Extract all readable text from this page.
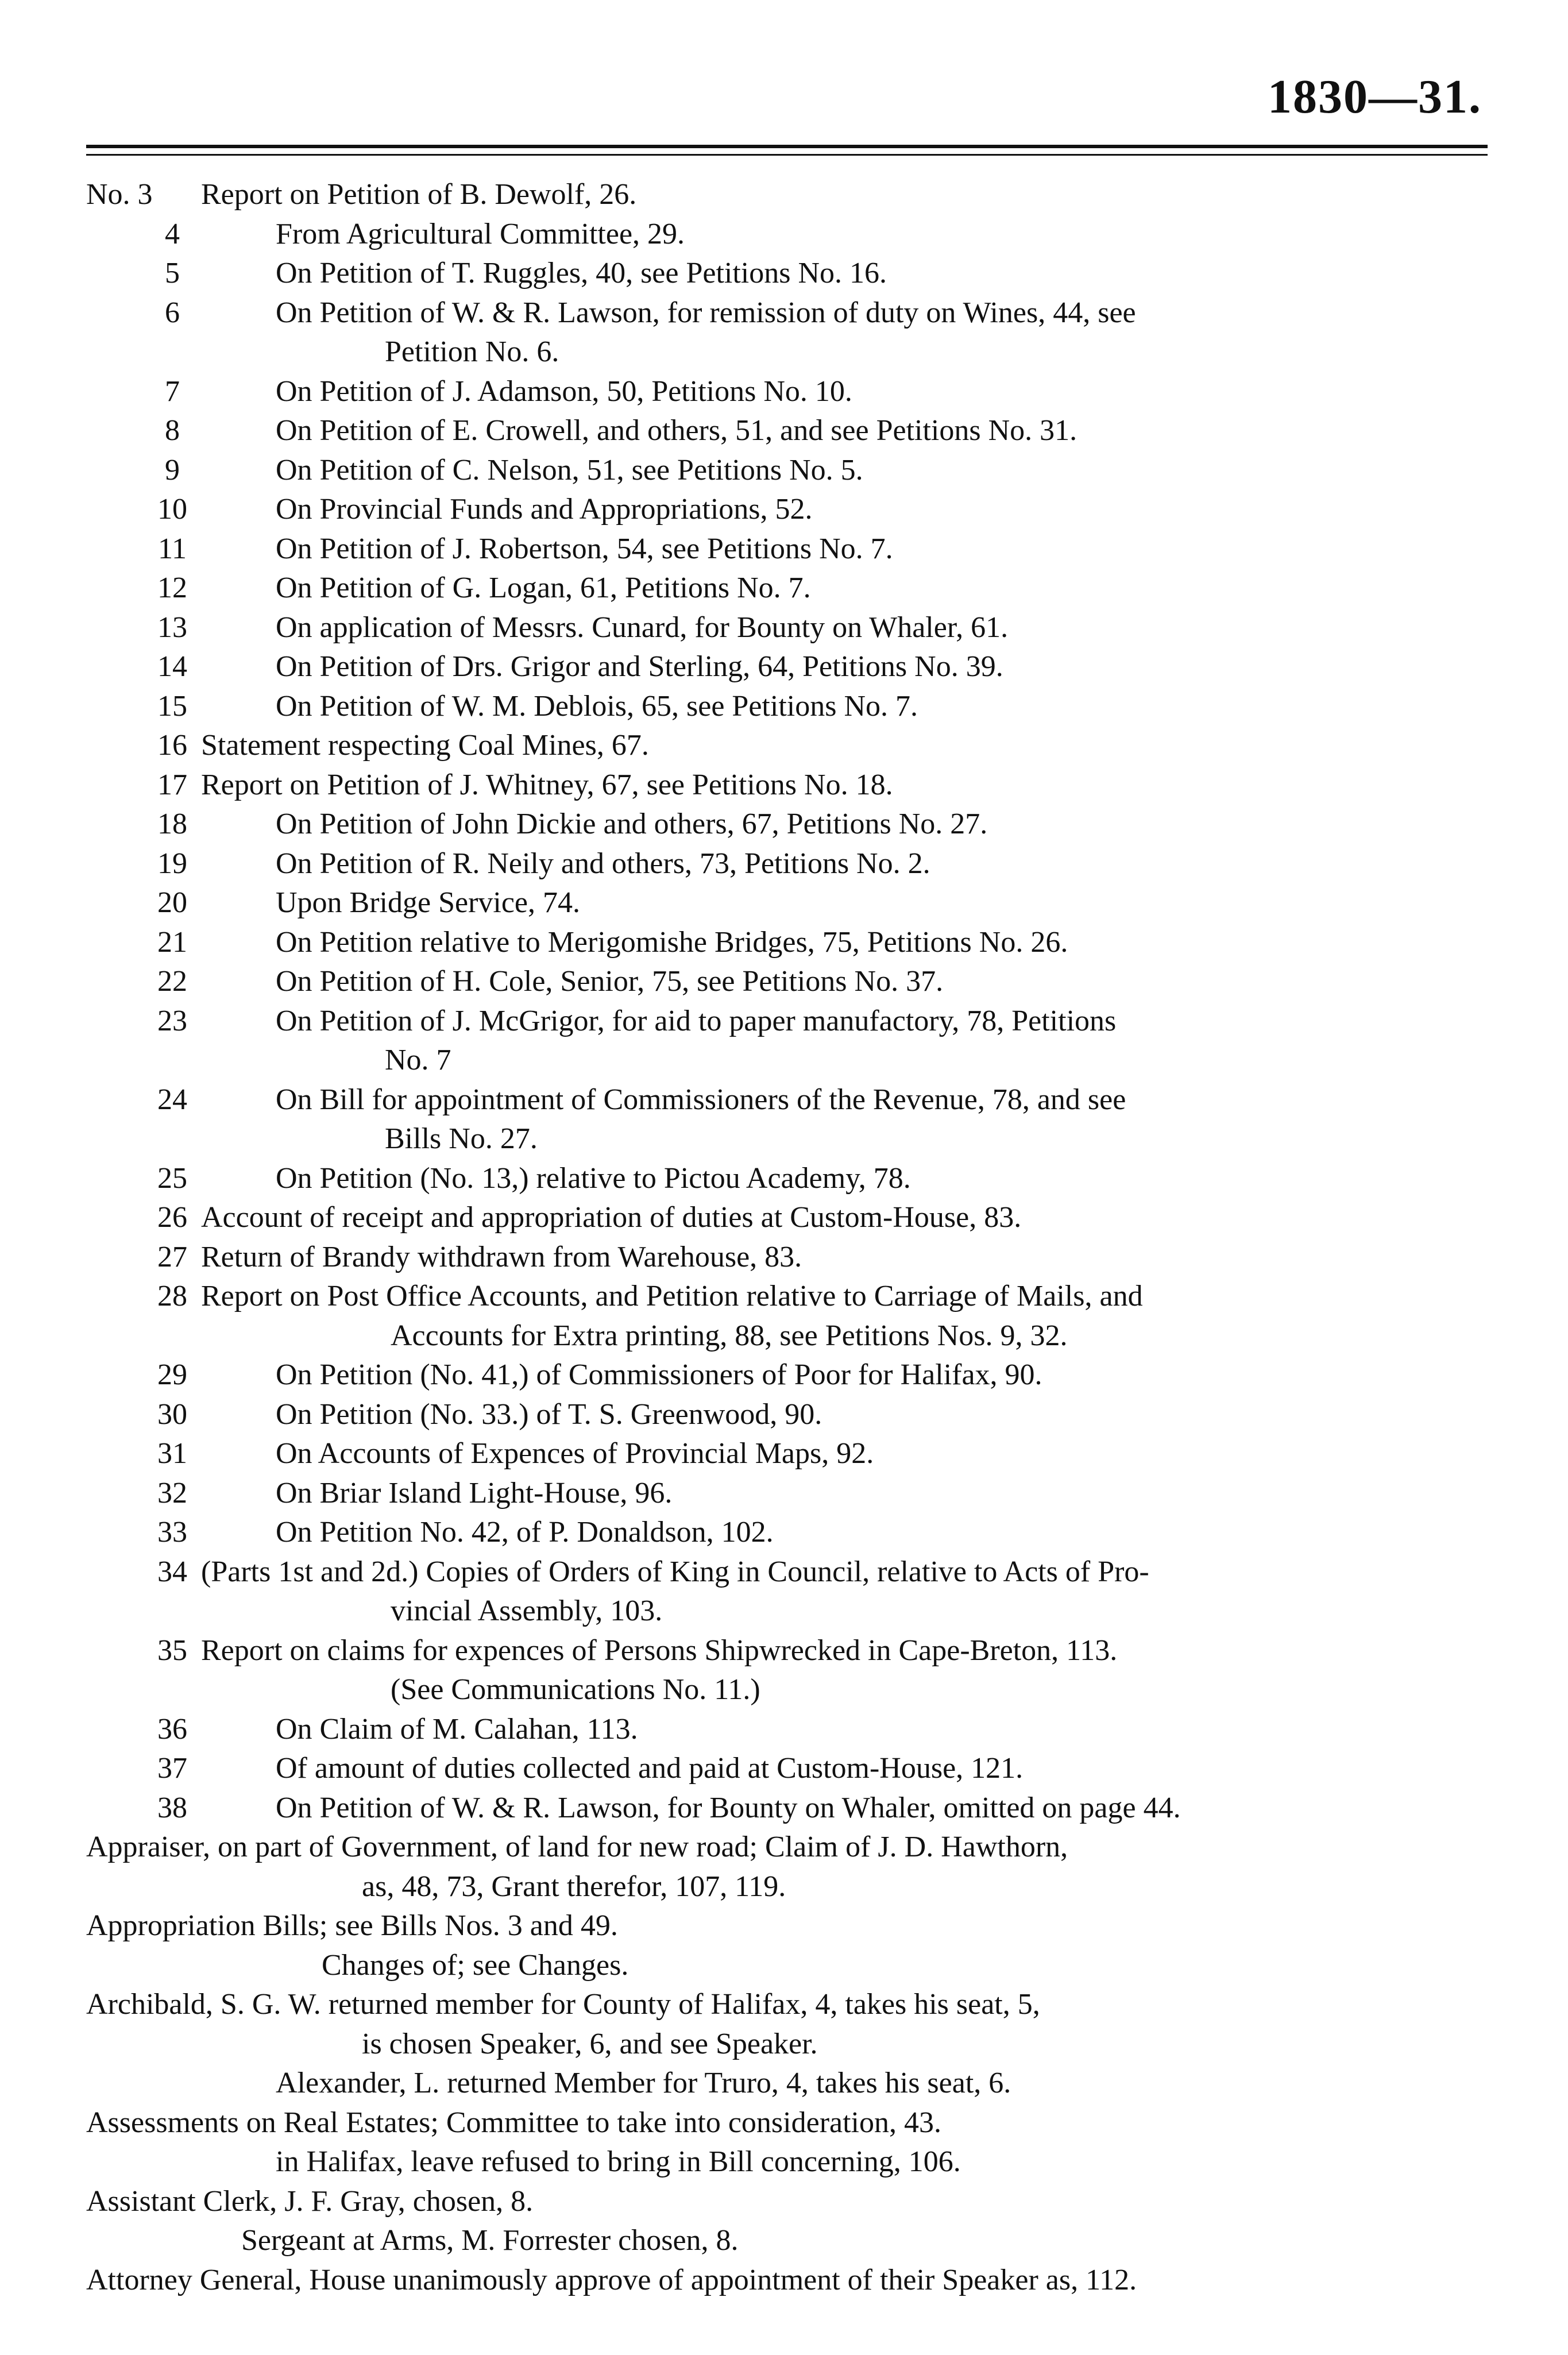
1830—31.
No. 3 Report on Petition of B. Dewolf, 26.
4	From Agricultural Committee, 29.
5	On Petition of T. Ruggles, 40, see Petitions No. 16.
6	On Petition of W. & R. Lawson, for remission of duty on Wines, 44, see
Petition No. 6.
7	On Petition of J. Adamson, 50, Petitions No. 10.
8	On Petition of E. Crowell, and others, 51, and see Petitions No. 31.
9	On Petition of C. Nelson, 51, see Petitions No. 5.
10	On Provincial Funds and Appropriations, 52.
11	On Petition of J. Robertson, 54, see Petitions No. 7.
12	On Petition of G. Logan, 61, Petitions No. 7.
13	On application of Messrs. Cunard, for Bounty on Whaler, 61.
14	On Petition of Drs. Grigor and Sterling, 64, Petitions No. 39.
15	On Petition of W. M. Deblois, 65, see Petitions No. 7.
16 Statement respecting Coal Mines, 67.
17 Report on Petition of J. Whitney, 67, see Petitions No. 18.
18	On Petition of John Dickie and others, 67, Petitions No. 27.
19	On Petition of R. Neily and others, 73, Petitions No. 2.
20	Upon Bridge Service, 74.
21	On Petition relative to Merigomishe Bridges, 75, Petitions No. 26.
22	On Petition of H. Cole, Senior, 75, see Petitions No. 37.
23	On Petition of J. McGrigor, for aid to paper manufactory, 78, Petitions
No. 7
24	On Bill for appointment of Commissioners of the Revenue, 78, and see
Bills No. 27.
25	On Petition (No. 13,) relative to Pictou Academy, 78.
26 Account of receipt and appropriation of duties at Custom-House, 83.
27 Return of Brandy withdrawn from Warehouse, 83.
28 Report on Post Office Accounts, and Petition relative to Carriage of Mails, and
Accounts for Extra printing, 88, see Petitions Nos. 9, 32.
29	On Petition (No. 41,) of Commissioners of Poor for Halifax, 90.
30	On Petition (No. 33.) of T. S. Greenwood, 90.
31	On Accounts of Expences of Provincial Maps, 92.
32	On Briar Island Light-House, 96.
33	On Petition No. 42, of P. Donaldson, 102.
34 (Parts 1st and 2d.) Copies of Orders of King in Council, relative to Acts of Pro-
vincial Assembly, 103.
35 Report on claims for expences of Persons Shipwrecked in Cape-Breton, 113.
(See Communications No. 11.)
36	On Claim of M. Calahan, 113.
37	Of amount of duties collected and paid at Custom-House, 121.
38	On Petition of W. & R. Lawson, for Bounty on Whaler, omitted on page 44.
Appraiser, on part of Government, of land for new road; Claim of J. D. Hawthorn,
as, 48, 73, Grant therefor, 107, 119.
Appropriation Bills; see Bills Nos. 3 and 49.
Changes of; see Changes.
Archibald, S. G. W. returned member for County of Halifax, 4, takes his seat, 5,
is chosen Speaker, 6, and see Speaker.
Alexander, L. returned Member for Truro, 4, takes his seat, 6.
Assessments on Real Estates; Committee to take into consideration, 43.
in Halifax, leave refused to bring in Bill concerning, 106.
Assistant Clerk, J. F. Gray, chosen, 8.
Sergeant at Arms, M. Forrester chosen, 8.
Attorney General, House unanimously approve of appointment of their Speaker as, 112.
